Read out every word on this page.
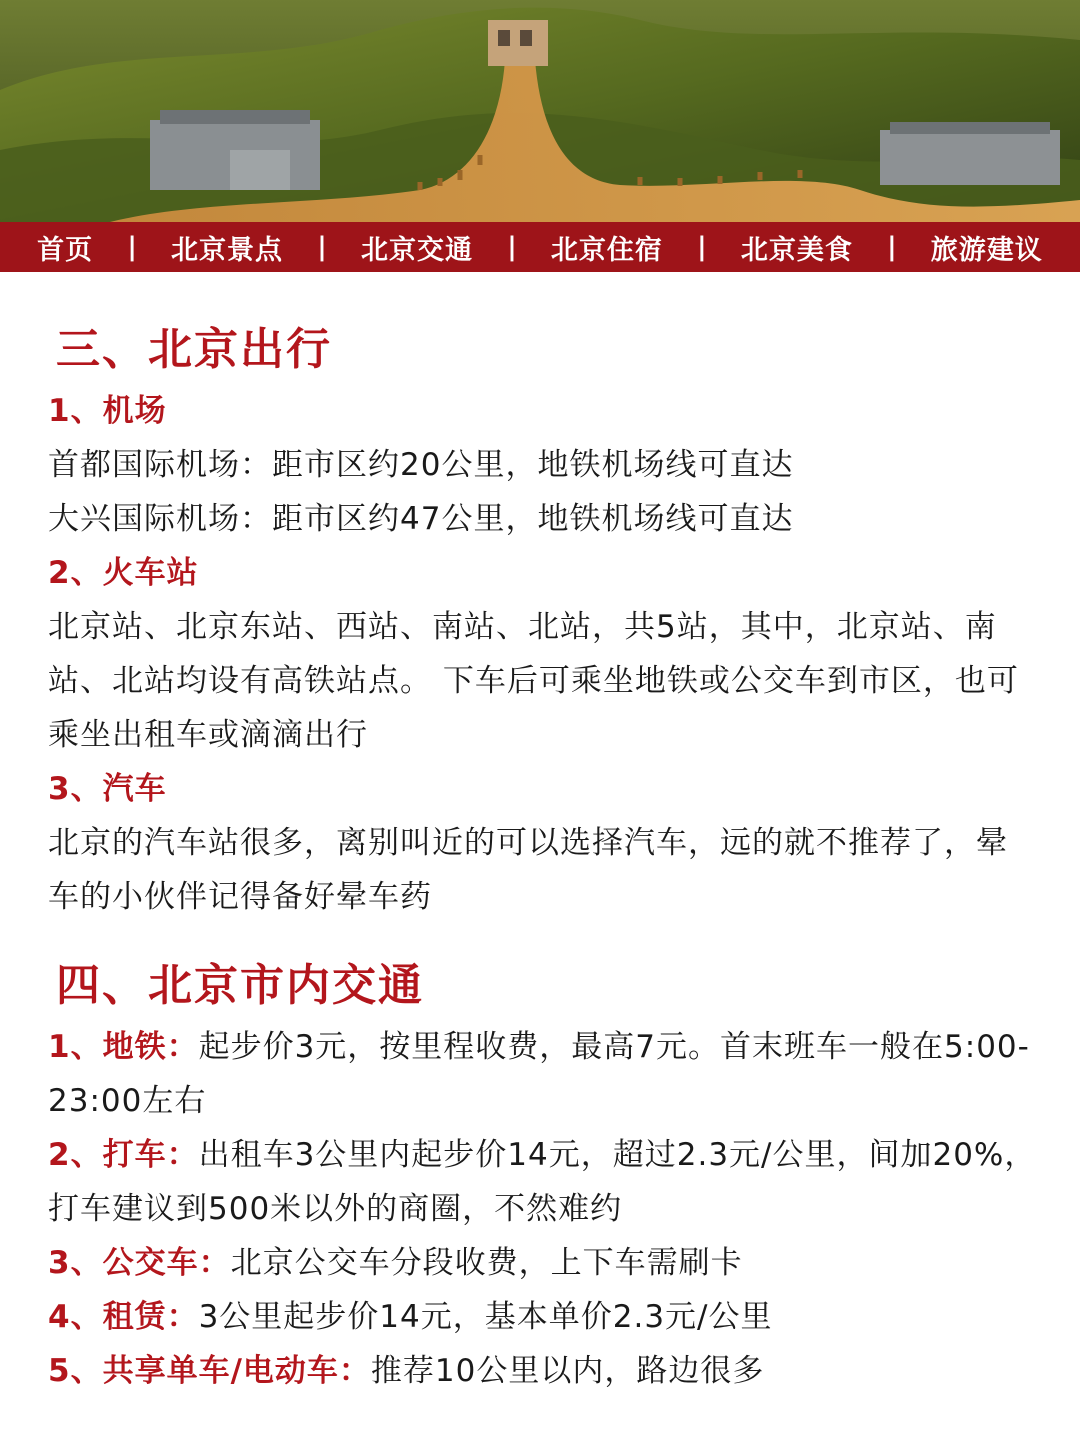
首页 | 北京景点 | 北京交通 | 北京住宿 | 北京美食 | 旅游建议
三、北京出行
1、机场
首都国际机场：距市区约20公里，地铁机场线可直达
大兴国际机场：距市区约47公里，地铁机场线可直达
2、火车站
北京站、北京东站、西站、南站、北站，共5站，其中，北京站、南站、北站均设有高铁站点。 下车后可乘坐地铁或公交车到市区，也可乘坐出租车或滴滴出行
3、汽车
北京的汽车站很多，离别叫近的可以选择汽车，远的就不推荐了，晕车的小伙伴记得备好晕车药
四、北京市内交通
1、地铁：起步价3元，按里程收费，最高7元。首末班车一般在5:00-23:00左右
2、打车：出租车3公里内起步价14元，超过2.3元/公里，间加20%，打车建议到500米以外的商圈，不然难约
3、公交车：北京公交车分段收费，上下车需刷卡
4、租赁：3公里起步价14元，基本单价2.3元/公里
5、共享单车/电动车：推荐10公里以内，路边很多
